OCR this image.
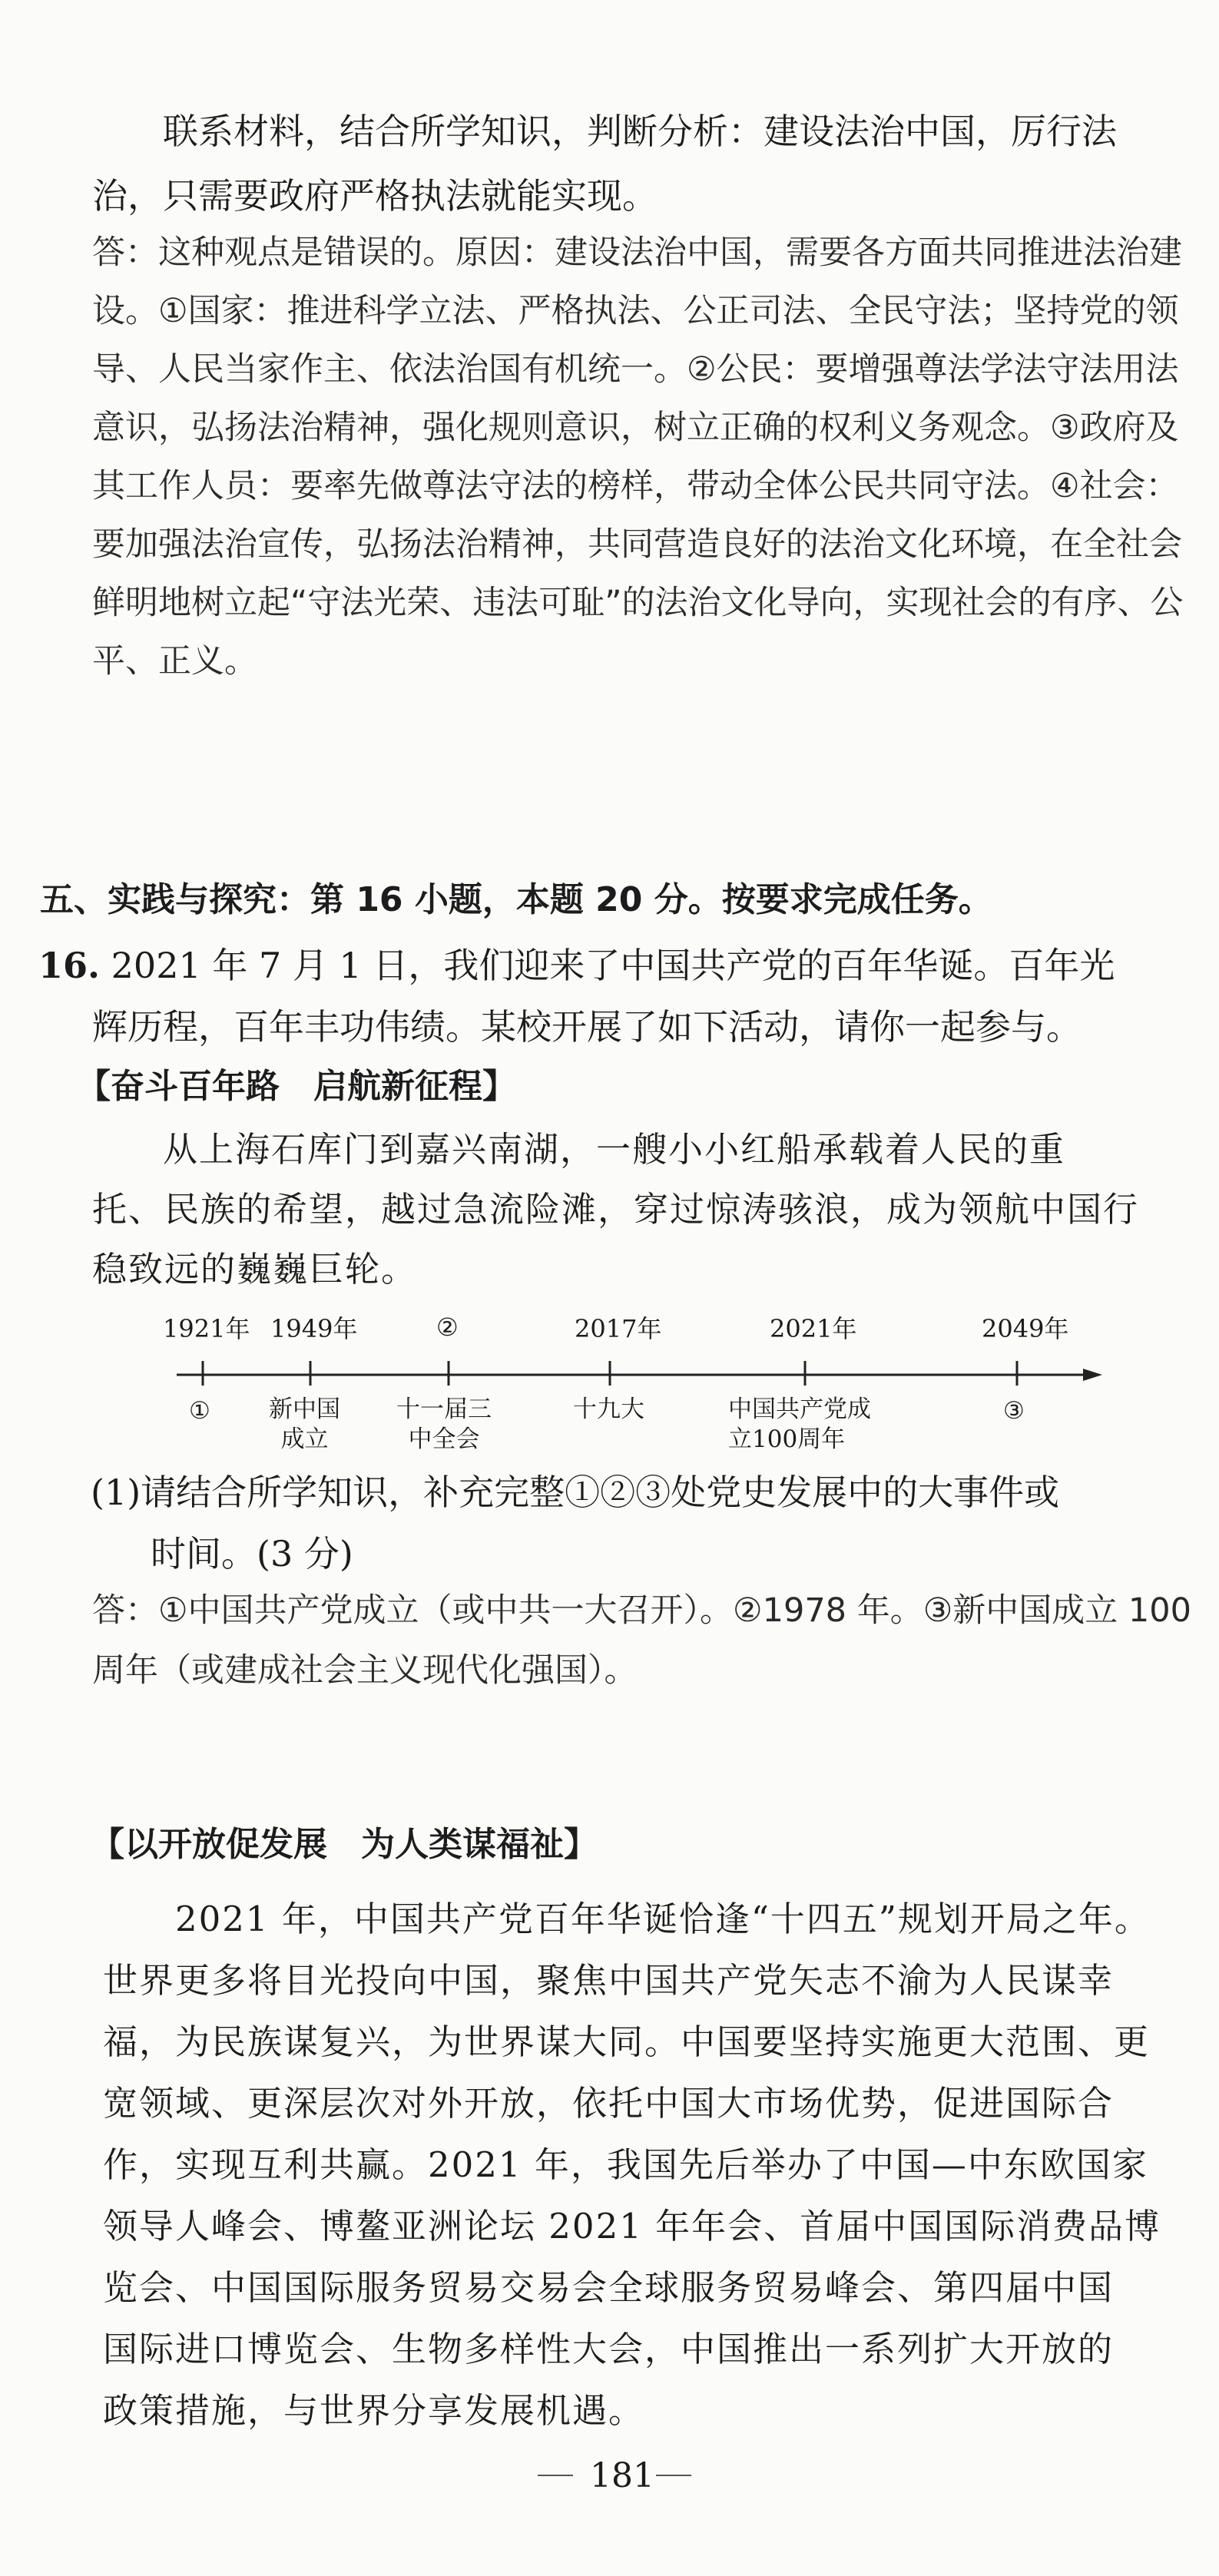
联系材料，结合所学知识，判断分析：建设法治中国，厉行法
治，只需要政府严格执法就能实现。
答：这种观点是错误的。原因：建设法治中国，需要各方面共同推进法治建
设。①国家：推进科学立法、严格执法、公正司法、全民守法；坚持党的领
导、人民当家作主、依法治国有机统一。②公民：要增强尊法学法守法用法
意识，弘扬法治精神，强化规则意识，树立正确的权利义务观念。③政府及
其工作人员：要率先做尊法守法的榜样，带动全体公民共同守法。④社会：
要加强法治宣传，弘扬法治精神，共同营造良好的法治文化环境，在全社会
鲜明地树立起“守法光荣、违法可耻”的法治文化导向，实现社会的有序、公
平、正义。
五、实践与探究：第 16 小题，本题 20 分。按要求完成任务。
16. 2021 年 7 月 1 日，我们迎来了中国共产党的百年华诞。百年光
辉历程，百年丰功伟绩。某校开展了如下活动，请你一起参与。
【奋斗百年路　启航新征程】
从上海石库门到嘉兴南湖，一艘小小红船承载着人民的重
托、民族的希望，越过急流险滩，穿过惊涛骇浪，成为领航中国行
稳致远的巍巍巨轮。
1921年 1949年	②	2017年	2021年	2049年
① 新中国
成立
十一届三
中全会
十九大	中国共产党成
立100周年
③
(1)请结合所学知识，补充完整①②③处党史发展中的大事件或
时间。(3 分)
答：①中国共产党成立（或中共一大召开）。②1978 年。③新中国成立 100
周年（或建成社会主义现代化强国）。
【以开放促发展　为人类谋福祉】
2021 年，中国共产党百年华诞恰逢“十四五”规划开局之年。
世界更多将目光投向中国，聚焦中国共产党矢志不渝为人民谋幸
福，为民族谋复兴，为世界谋大同。中国要坚持实施更大范围、更
宽领域、更深层次对外开放，依托中国大市场优势，促进国际合
作，实现互利共赢。2021 年，我国先后举办了中国—中东欧国家
领导人峰会、博鳌亚洲论坛 2021 年年会、首届中国国际消费品博
览会、中国国际服务贸易交易会全球服务贸易峰会、第四届中国
国际进口博览会、生物多样性大会，中国推出一系列扩大开放的
政策措施，与世界分享发展机遇。
181
